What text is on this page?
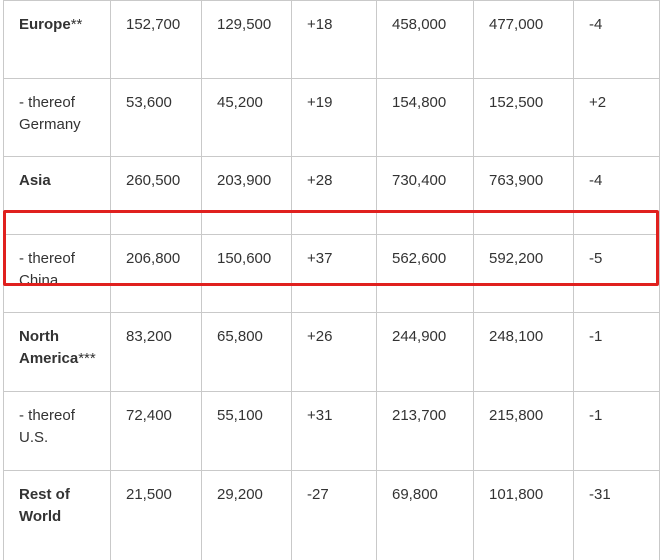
Europe**	152,700	129,500	+18	458,000	477,000	-4
- thereof Germany	53,600	45,200	+19	154,800	152,500	+2
Asia	260,500	203,900	+28	730,400	763,900	-4
- thereof China	206,800	150,600	+37	562,600	592,200	-5
North America***	83,200	65,800	+26	244,900	248,100	-1
- thereof U.S.	72,400	55,100	+31	213,700	215,800	-1
Rest of World	21,500	29,200	-27	69,800	101,800	-31
